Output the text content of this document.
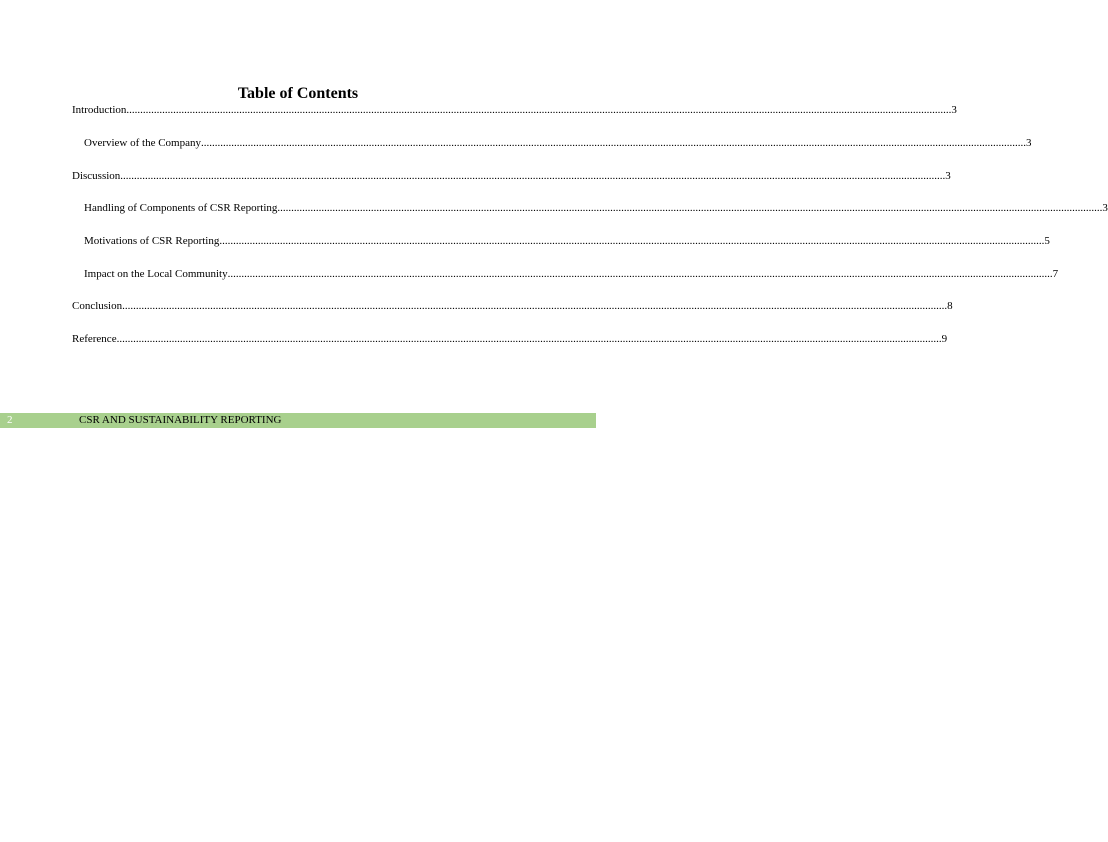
Table of Contents
Introduction ............................................................................................................................................................................................................................................................................................................ 3
Overview of the Company ............................................................................................................................................................................................................................................................................................................ 3
Discussion ............................................................................................................................................................................................................................................................................................................ 3
Handling of Components of CSR Reporting ............................................................................................................................................................................................................................................................................................................ 3
Motivations of CSR Reporting ............................................................................................................................................................................................................................................................................................................ 5
Impact on the Local Community ............................................................................................................................................................................................................................................................................................................ 7
Conclusion ............................................................................................................................................................................................................................................................................................................ 8
Reference ............................................................................................................................................................................................................................................................................................................ 9
2	CSR AND SUSTAINABILITY REPORTING
